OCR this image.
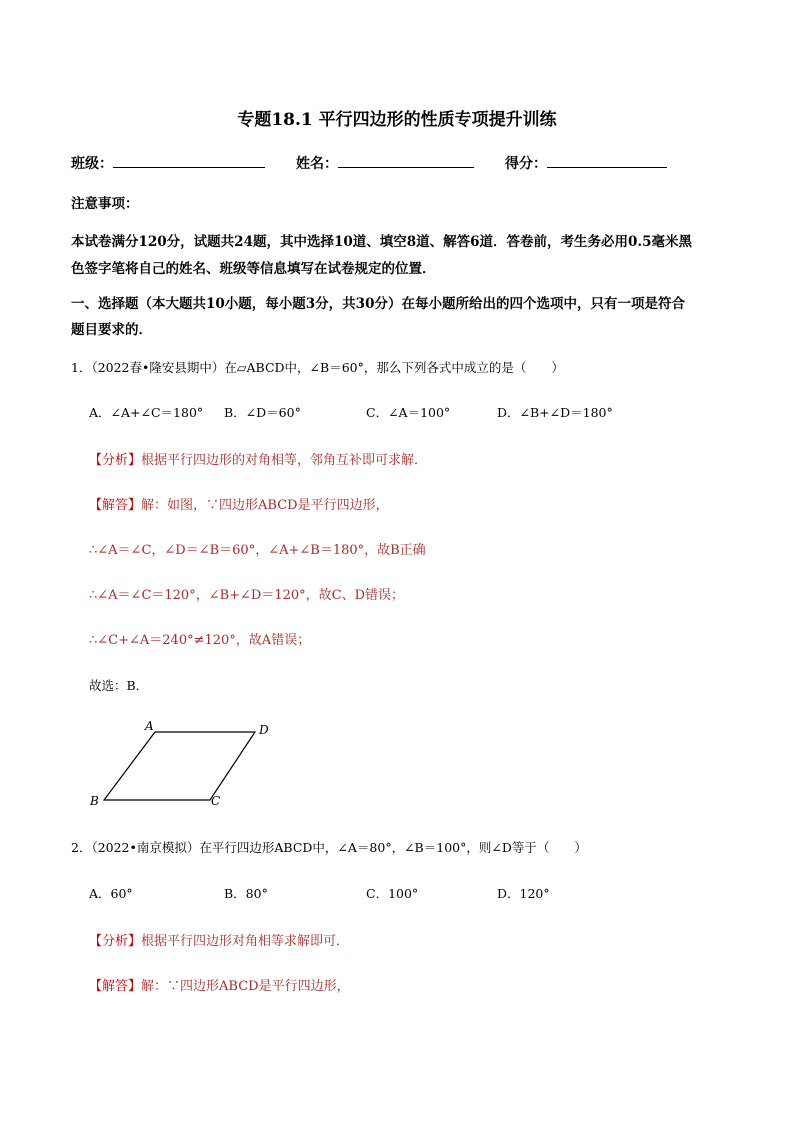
专题18.1 平行四边形的性质专项提升训练
班级：	姓名：	得分：
注意事项：
本试卷满分120分，试题共24题，其中选择10道、填空8道、解答6道．答卷前，考生务必用0.5毫米黑
色签字笔将自己的姓名、班级等信息填写在试卷规定的位置．
一、选择题（本大题共10小题，每小题3分，共30分）在每小题所给出的四个选项中，只有一项是符合
题目要求的．
1．（2022春•隆安县期中）在▱ABCD中，∠B＝60°，那么下列各式中成立的是（　　）
A．∠A+∠C＝180° B．∠D＝60°	C．∠A＝100°	D．∠B+∠D＝180°
【分析】根据平行四边形的对角相等，邻角互补即可求解．
【解答】解：如图，∵四边形ABCD是平行四边形，
∴∠A＝∠C，∠D＝∠B＝60°，∠A+∠B＝180°，故B正确
∴∠A＝∠C＝120°，∠B+∠D＝120°，故C、D错误；
∴∠C+∠A＝240°≠120°，故A错误；
故选：B．
A	D
B	C
2．（2022•南京模拟）在平行四边形ABCD中，∠A＝80°，∠B＝100°，则∠D等于（　　）
A．60°	B．80°	C．100°	D．120°
【分析】根据平行四边形对角相等求解即可．
【解答】解：∵四边形ABCD是平行四边形，
